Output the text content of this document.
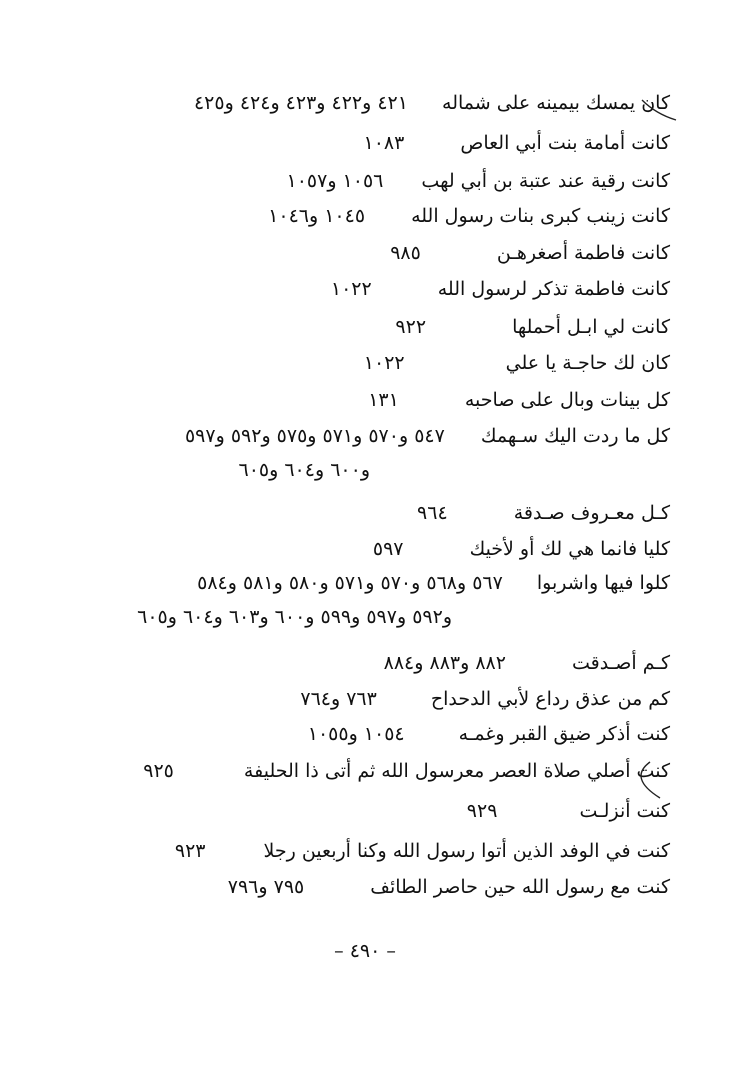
كان يمسك بيمينه على شماله ٤٢١ و٤٢٢ و٤٢٣ و٤٢٤ و٤٢٥

كانت أمامة بنت أبي العاص ١٠٨٣

كانت رقية عند عتبة بن أبي لهب ١٠٥٦ و١٠٥٧

كانت زينب كبرى بنات رسول الله ١٠٤٥ و١٠٤٦

كانت فاطمة أصغرهـن ٩٨٥

كانت فاطمة تذكر لرسول الله ١٠٢٢

كانت لي ابـل أحملها ٩٢٢

كان لك حاجـة يا علي ١٠٢٢

كل بينات وبال على صاحبه ١٣١

كل ما ردت اليك سـهمك ٥٤٧ و٥٧٠ و٥٧١ و٥٧٥ و٥٩٢ و٥٩٧

و٦٠٠ و٦٠٤ و٦٠٥

كـل معـروف صـدقة ٩٦٤

كليا فانما هي لك أو لأخيك ٥٩٧

كلوا فيها واشربوا ٥٦٧ و٥٦٨ و٥٧٠ و٥٧١ و٥٨٠ و٥٨١ و٥٨٤

و٥٩٢ و٥٩٧ و٥٩٩ و٦٠٠ و٦٠٣ و٦٠٤ و٦٠٥

كـم أصـدقت ٨٨٢ و٨٨٣ و٨٨٤

كم من عذق رداع لأبي الدحداح ٧٦٣ و٧٦٤

كنت أذكر ضيق القبر وغمـه ١٠٥٤ و١٠٥٥

كنت أصلي صلاة العصر معرسول الله ثم أتى ذا الحليفة ٩٢٥

كنت أنزلـت ٩٢٩

كنت في الوفد الذين أتوا رسول الله وكنا أربعين رجلا ٩٢٣

كنت مع رسول الله حين حاصر الطائف ٧٩٥ و٧٩٦

– ٤٩٠ –
